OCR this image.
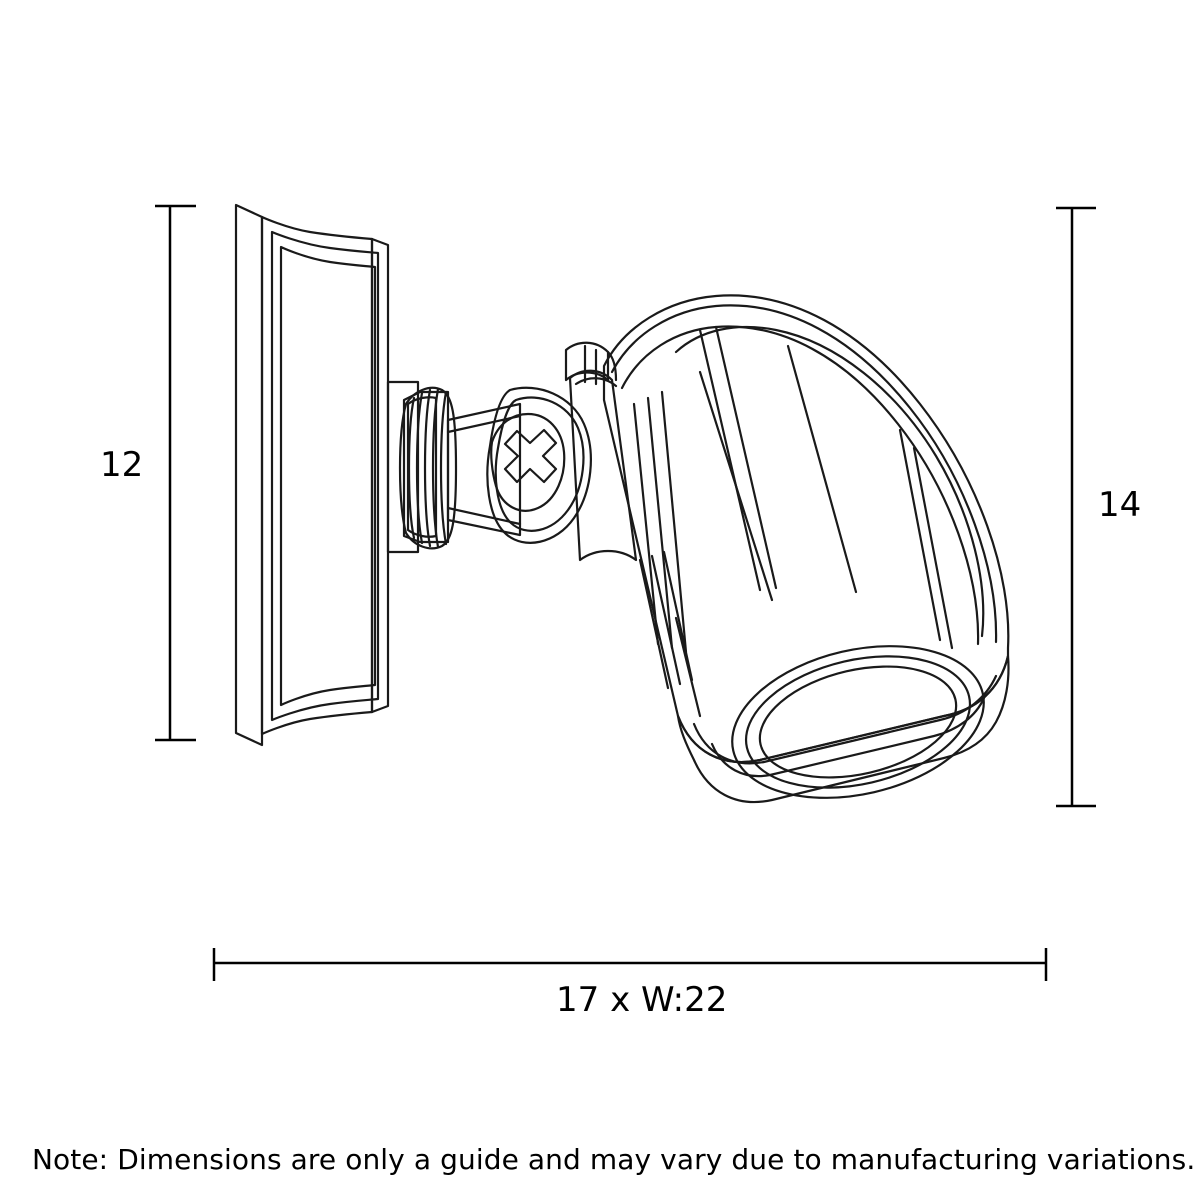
12
14
17 x W:22
Note: Dimensions are only a guide and may vary due to manufacturing variations.
